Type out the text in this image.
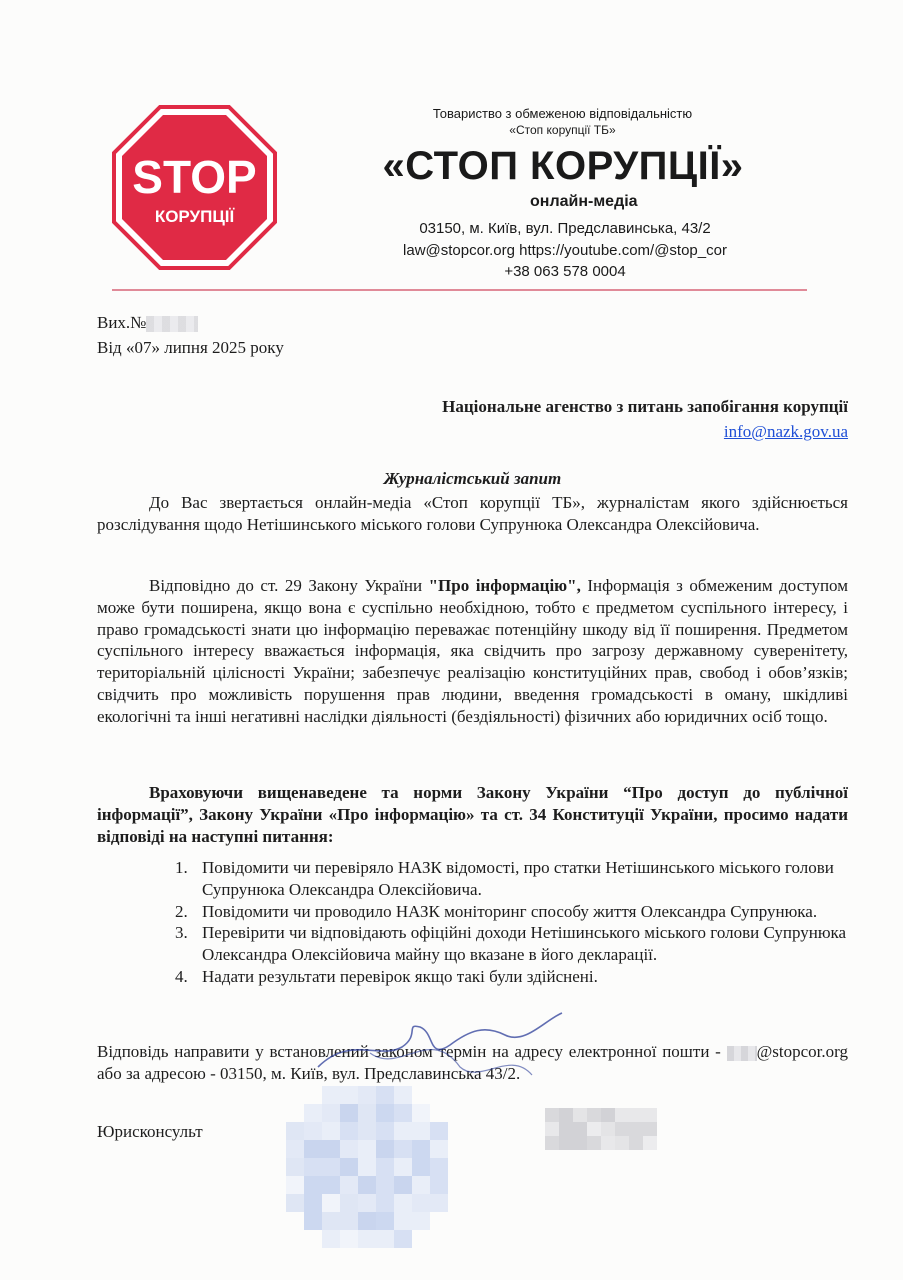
STOP
КОРУПЦІЇ
Товариство з обмеженою відповідальністю
«Стоп корупції ТБ»
«СТОП КОРУПЦІЇ»
онлайн-медіа
03150, м. Київ, вул. Предславинська, 43/2
law@stopcor.org https://youtube.com/@stop_cor
+38 063 578 0004
Вих.№
Від «07» липня 2025 року
Національне агенство з питань запобігання корупції
info@nazk.gov.ua
Журналістський запит
До Вас звертається онлайн-медіа «Стоп корупції ТБ», журналістам якого здійснюється розслідування щодо Нетішинського міського голови Супрунюка Олександра Олексійовича.
Відповідно до ст. 29 Закону України "Про інформацію", Інформація з обмеженим доступом може бути поширена, якщо вона є суспільно необхідною, тобто є предметом суспільного інтересу, і право громадськості знати цю інформацію переважає потенційну шкоду від її поширення. Предметом суспільного інтересу вважається інформація, яка свідчить про загрозу державному суверенітету, територіальній цілісності України; забезпечує реалізацію конституційних прав, свобод і обов’язків; свідчить про можливість порушення прав людини, введення громадськості в оману, шкідливі екологічні та інші негативні наслідки діяльності (бездіяльності) фізичних або юридичних осіб тощо.
Враховуючи вищенаведене та норми Закону України “Про доступ до публічної інформації”, Закону України «Про інформацію» та ст. 34 Конституції України, просимо надати відповіді на наступні питання:
1. Повідомити чи перевіряло НАЗК відомості, про статки Нетішинського міського голови Супрунюка Олександра Олексійовича.
2. Повідомити чи проводило НАЗК моніторинг способу життя Олександра Супрунюка.
3. Перевірити чи відповідають офіційні доходи Нетішинського міського голови Супрунюка Олександра Олексійовича майну що вказане в його декларації.
4. Надати результати перевірок якщо такі були здійснені.
Відповідь направити у встановлений законом термін на адресу електронної пошти - @stopcor.org або за адресою - 03150, м. Київ, вул. Предславинська 43/2.
Юрисконсульт
